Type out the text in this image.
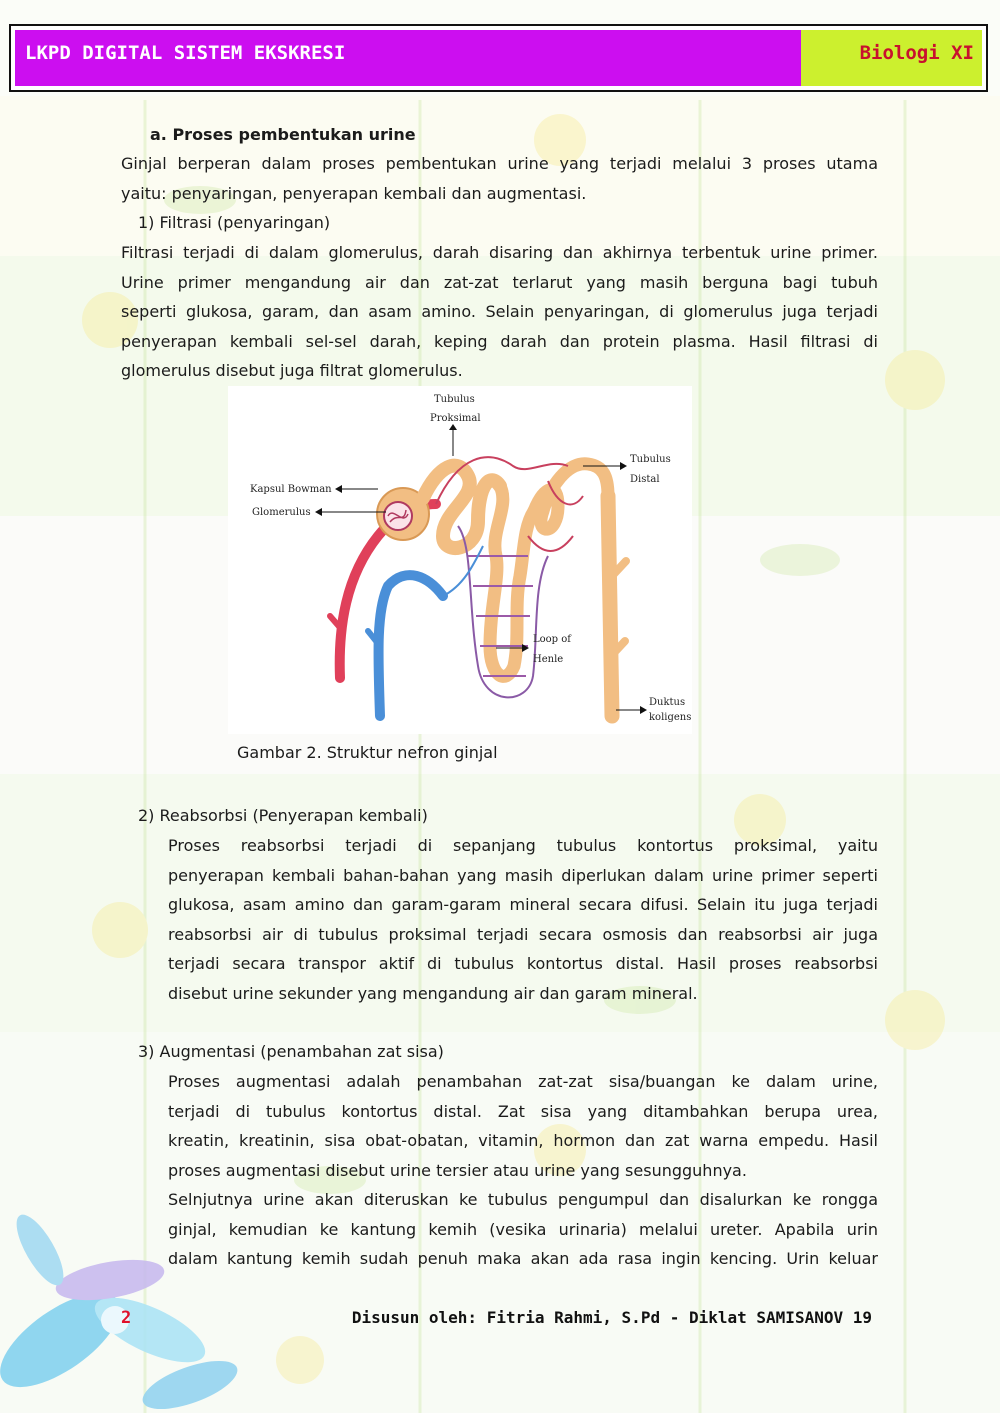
LKPD DIGITAL SISTEM EKSKRESI	Biologi XI
a. Proses pembentukan urine
Ginjal berperan dalam proses pembentukan urine yang terjadi melalui 3 proses utama
yaitu: penyaringan, penyerapan kembali dan augmentasi.
1) Filtrasi (penyaringan)
Filtrasi terjadi di dalam glomerulus, darah disaring dan akhirnya terbentuk urine primer.
Urine primer mengandung air dan zat-zat terlarut yang masih berguna bagi tubuh
seperti glukosa, garam, dan asam amino. Selain penyaringan, di glomerulus juga terjadi
penyerapan kembali sel-sel darah, keping darah dan protein plasma. Hasil filtrasi di
glomerulus disebut juga filtrat glomerulus.
Tubulus
Proksimal
Tubulus
Distal
Kapsul Bowman
Glomerulus
Loop of
Henle
Duktus
koligens
Gambar 2. Struktur nefron ginjal
2) Reabsorbsi (Penyerapan kembali)
Proses reabsorbsi terjadi di sepanjang tubulus kontortus proksimal, yaitu
penyerapan kembali bahan-bahan yang masih diperlukan dalam urine primer seperti
glukosa, asam amino dan garam-garam mineral secara difusi. Selain itu juga terjadi
reabsorbsi air di tubulus proksimal terjadi secara osmosis dan reabsorbsi air juga
terjadi secara transpor aktif di tubulus kontortus distal. Hasil proses reabsorbsi
disebut urine sekunder yang mengandung air dan garam mineral.
3) Augmentasi (penambahan zat sisa)
Proses augmentasi adalah penambahan zat-zat sisa/buangan ke dalam urine,
terjadi di tubulus kontortus distal. Zat sisa yang ditambahkan berupa urea,
kreatin, kreatinin, sisa obat-obatan, vitamin, hormon dan zat warna empedu. Hasil
proses augmentasi disebut urine tersier atau urine yang sesungguhnya.
Selnjutnya urine akan diteruskan ke tubulus pengumpul dan disalurkan ke rongga
ginjal, kemudian ke kantung kemih (vesika urinaria) melalui ureter. Apabila urin
dalam kantung kemih sudah penuh maka akan ada rasa ingin kencing. Urin keluar
2	Disusun oleh: Fitria Rahmi, S.Pd - Diklat SAMISANOV 19
